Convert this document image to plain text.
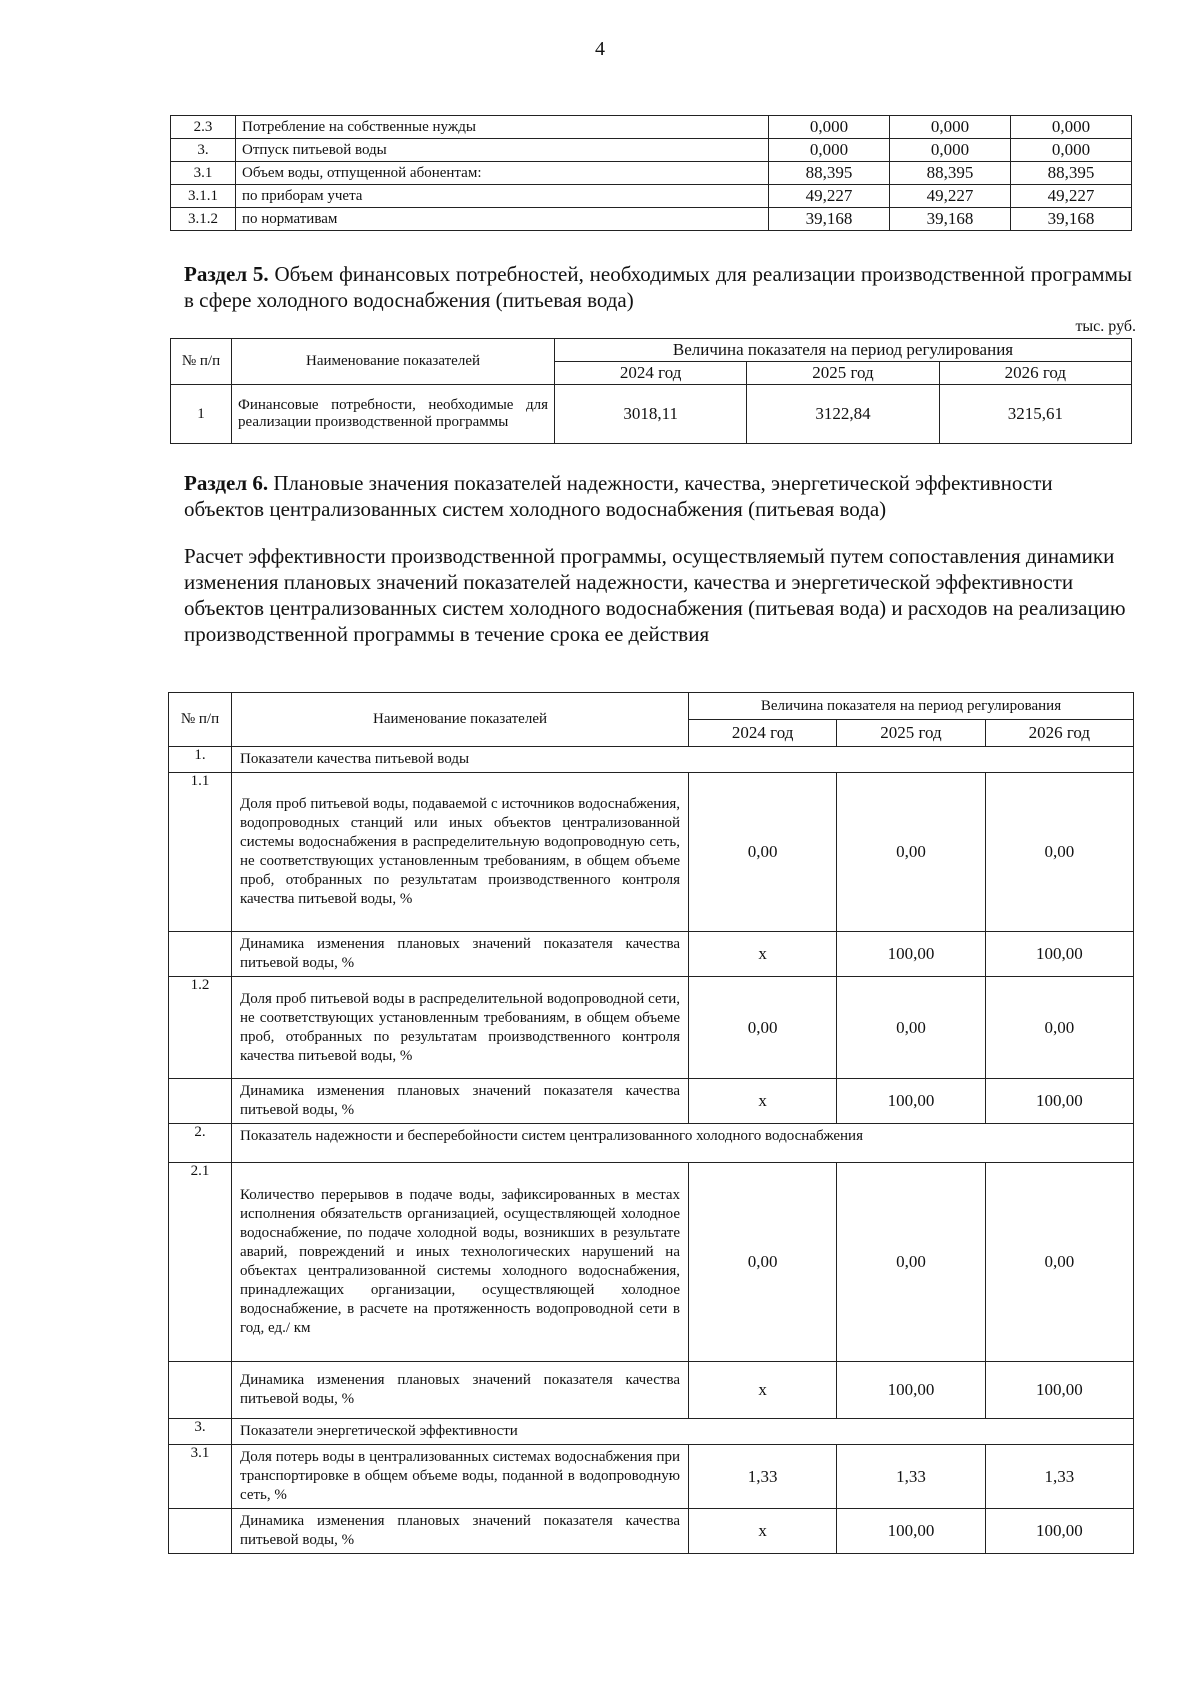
4
2.3	Потребление на собственные нужды	0,000	0,000	0,000
3.	Отпуск питьевой воды	0,000	0,000	0,000
3.1	Объем воды, отпущенной абонентам:	88,395	88,395	88,395
3.1.1	по приборам учета	49,227	49,227	49,227
3.1.2	по нормативам	39,168	39,168	39,168
Раздел 5. Объем финансовых потребностей, необходимых для реализации производственной программы в сфере холодного водоснабжения (питьевая вода)
тыс. руб.
№ п/п	Наименование показателей	Величина показателя на период регулирования		
		2024 год	2025 год	2026 год
1	Финансовые потребности, необходимые для реализации производственной программы	3018,11	3122,84	3215,61
Раздел 6. Плановые значения показателей надежности, качества, энергетической эффективности объектов централизованных систем холодного водоснабжения (питьевая вода)
Расчет эффективности производственной программы, осуществляемый путем сопоставления динамики изменения плановых значений показателей надежности, качества и энергетической эффективности объектов централизованных систем холодного водоснабжения (питьевая вода) и расходов на реализацию производственной программы в течение срока ее действия
№ п/п	Наименование показателей	Величина показателя на период регулирования		
		2024 год	2025 год	2026 год
1.	Показатели качества питьевой воды			
1.1	Доля проб питьевой воды, подаваемой с источников водоснабжения, водопроводных станций или иных объектов централизованной системы водоснабжения в распределительную водопроводную сеть, не соответствующих установленным требованиям, в общем объеме проб, отобранных по результатам производственного контроля качества питьевой воды, %	0,00	0,00	0,00
	Динамика изменения плановых значений показателя качества питьевой воды, %	х	100,00	100,00
1.2	Доля проб питьевой воды в распределительной водопроводной сети, не соответствующих установленным требованиям, в общем объеме проб, отобранных по результатам производственного контроля качества питьевой воды, %	0,00	0,00	0,00
	Динамика изменения плановых значений показателя качества питьевой воды, %	х	100,00	100,00
2.	Показатель надежности и бесперебойности систем централизованного холодного водоснабжения			
2.1	Количество перерывов в подаче воды, зафиксированных в местах исполнения обязательств организацией, осуществляющей холодное водоснабжение, по подаче холодной воды, возникших в результате аварий, повреждений и иных технологических нарушений на объектах централизованной системы холодного водоснабжения, принадлежащих организации, осуществляющей холодное водоснабжение, в расчете на протяженность водопроводной сети в год, ед./ км	0,00	0,00	0,00
	Динамика изменения плановых значений показателя качества питьевой воды, %	х	100,00	100,00
3.	Показатели энергетической эффективности			
3.1	Доля потерь воды в централизованных системах водоснабжения при транспортировке в общем объеме воды, поданной в водопроводную сеть, %	1,33	1,33	1,33
	Динамика изменения плановых значений показателя качества питьевой воды, %	х	100,00	100,00
